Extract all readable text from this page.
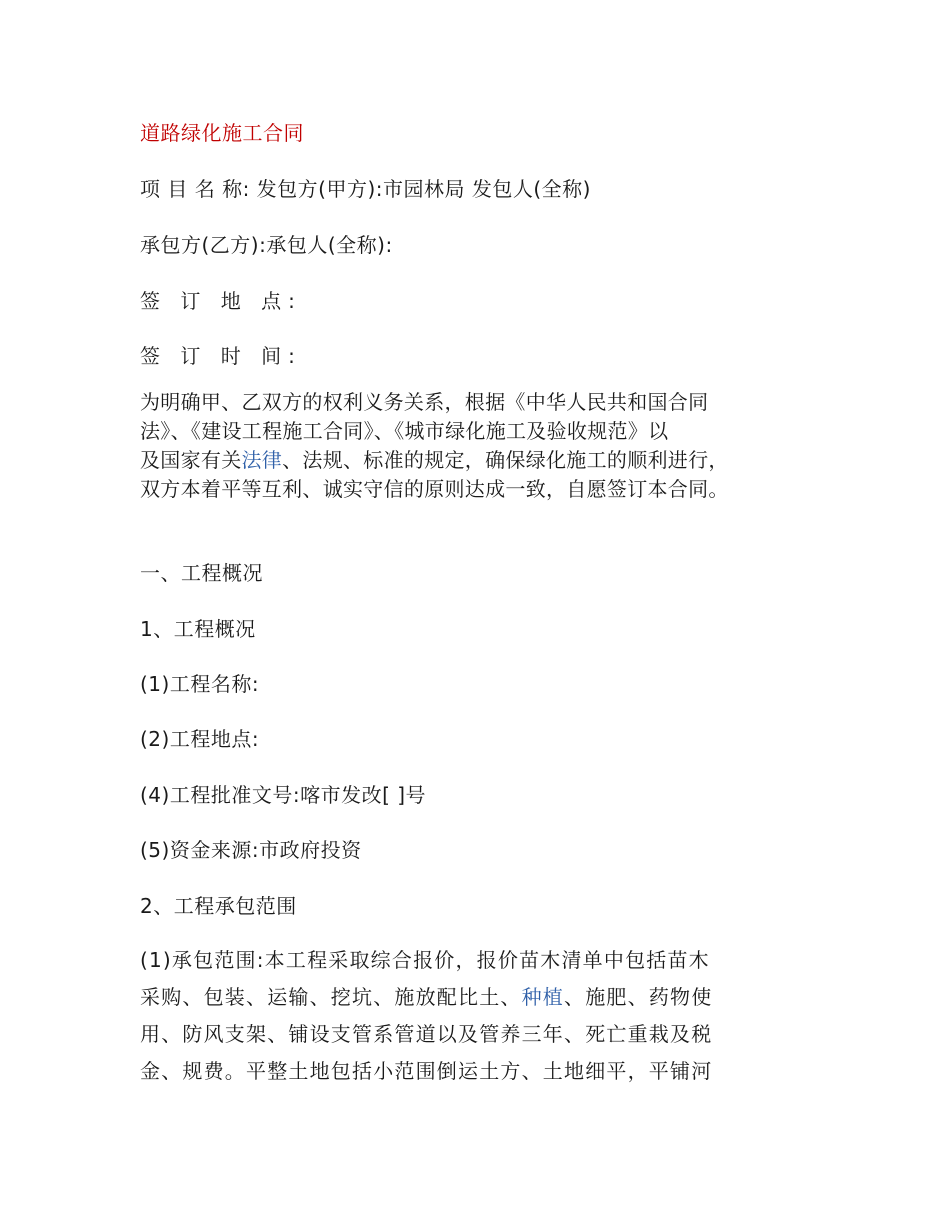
道路绿化施工合同
项 目 名 称: 发包方(甲方):市园林局 发包人(全称)
承包方(乙方):承包人(全称):
签 订 地 点:
签 订 时 间:
为明确甲、乙双方的权利义务关系，根据《中华人民共和国合同
法》、《建设工程施工合同》、《城市绿化施工及验收规范》以
及国家有关法律、法规、标准的规定，确保绿化施工的顺利进行，
双方本着平等互利、诚实守信的原则达成一致，自愿签订本合同。
一、工程概况
1、工程概况
(1)工程名称:
(2)工程地点:
(4)工程批准文号:喀市发改[ ]号
(5)资金来源:市政府投资
2、工程承包范围
(1)承包范围:本工程采取综合报价，报价苗木清单中包括苗木
采购、包装、运输、挖坑、施放配比土、种植、施肥、药物使
用、防风支架、铺设支管系管道以及管养三年、死亡重栽及税
金、规费。平整土地包括小范围倒运土方、土地细平，平铺河
